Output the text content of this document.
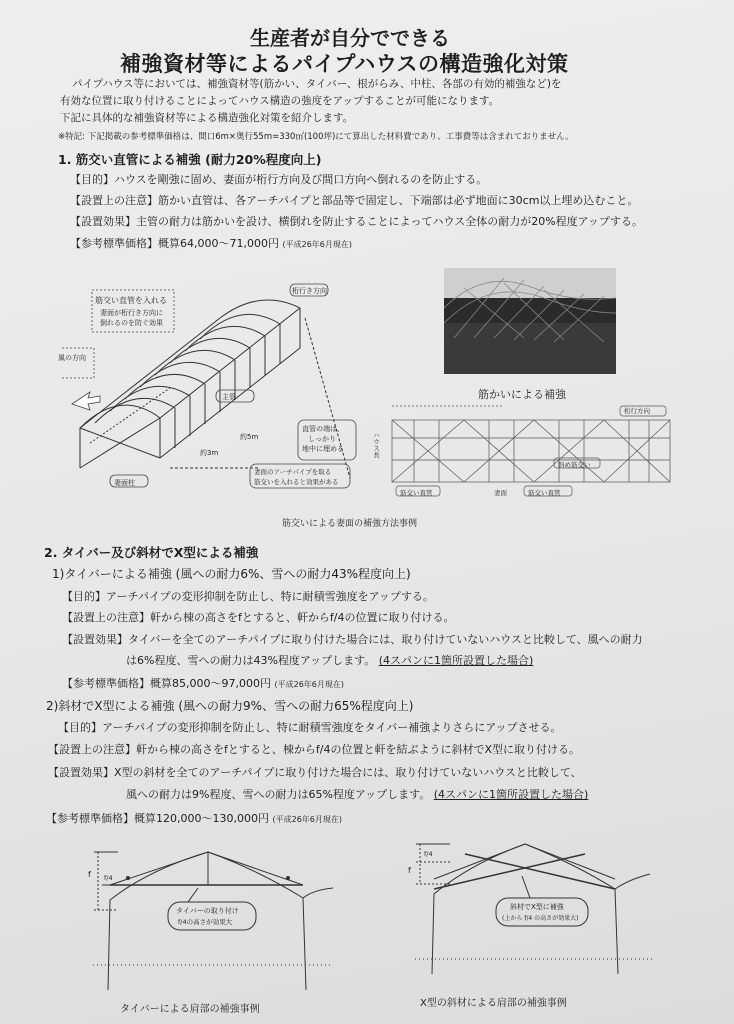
生産者が自分でできる
補強資材等によるパイプハウスの構造強化対策
パイプハウス等においては、補強資材等(筋かい、タイバー、根がらみ、中柱、各部の有効的補強など)を
有効な位置に取り付けることによってハウス構造の強度をアップすることが可能になります。
下記に具体的な補強資材等による構造強化対策を紹介します。
※特記: 下記掲載の参考標準価格は、間口6m×奥行55m=330㎡(100坪)にて算出した材料費であり、工事費等は含まれておりません。
1. 筋交い直管による補強 (耐力20%程度向上)
【目的】ハウスを剛強に固め、妻面が桁行方向及び間口方向へ倒れるのを防止する。
【設置上の注意】筋かい直管は、各アーチパイプと部品等で固定し、下端部は必ず地面に30cm以上埋め込むこと。
【設置効果】主管の耐力は筋かいを設け、横倒れを防止することによってハウス全体の耐力が20%程度アップする。
【参考標準価格】概算64,000～71,000円 (平成26年6月現在)
筋交い直管を入れる
妻面が桁行き方向に
倒れるのを防ぐ効果
桁行き方向
主管
直管の端は、
しっかり
地中に埋める
約5m
約3m
妻面のアーチパイプを取る
筋交いを入れると効果がある
妻面柱
風の方向
筋かいによる補強
ハウス長
桁行方向
筋交い直管
斜め筋交い
妻面	筋交い直管
筋交いによる妻面の補強方法事例
2. タイバー及び斜材でX型による補強
1)タイバーによる補強 (風への耐力6%、雪への耐力43%程度向上)
【目的】アーチパイプの変形抑制を防止し、特に耐積雪強度をアップする。
【設置上の注意】軒から棟の高さをfとすると、軒からf/4の位置に取り付ける。
【設置効果】タイバーを全てのアーチパイプに取り付けた場合には、取り付けていないハウスと比較して、風への耐力
は6%程度、雪への耐力は43%程度アップします。 (4スパンに1箇所設置した場合)
【参考標準価格】概算85,000～97,000円 (平成26年6月現在)
2)斜材でX型による補強 (風への耐力9%、雪への耐力65%程度向上)
【目的】アーチパイプの変形抑制を防止し、特に耐積雪強度をタイバー補強よりさらにアップさせる。
【設置上の注意】軒から棟の高さをfとすると、棟からf/4の位置と軒を結ぶように斜材でX型に取り付ける。
【設置効果】X型の斜材を全てのアーチパイプに取り付けた場合には、取り付けていないハウスと比較して、
風への耐力は9%程度、雪への耐力は65%程度アップします。 (4スパンに1箇所設置した場合)
【参考標準価格】概算120,000～130,000円 (平成26年6月現在)
f f/4
タイバーの取り付け
f/4の高さが効果大
タイバーによる肩部の補強事例
f
f/4
斜材でX型に補強
(上から f/4 の高さが効果大)
X型の斜材による肩部の補強事例
